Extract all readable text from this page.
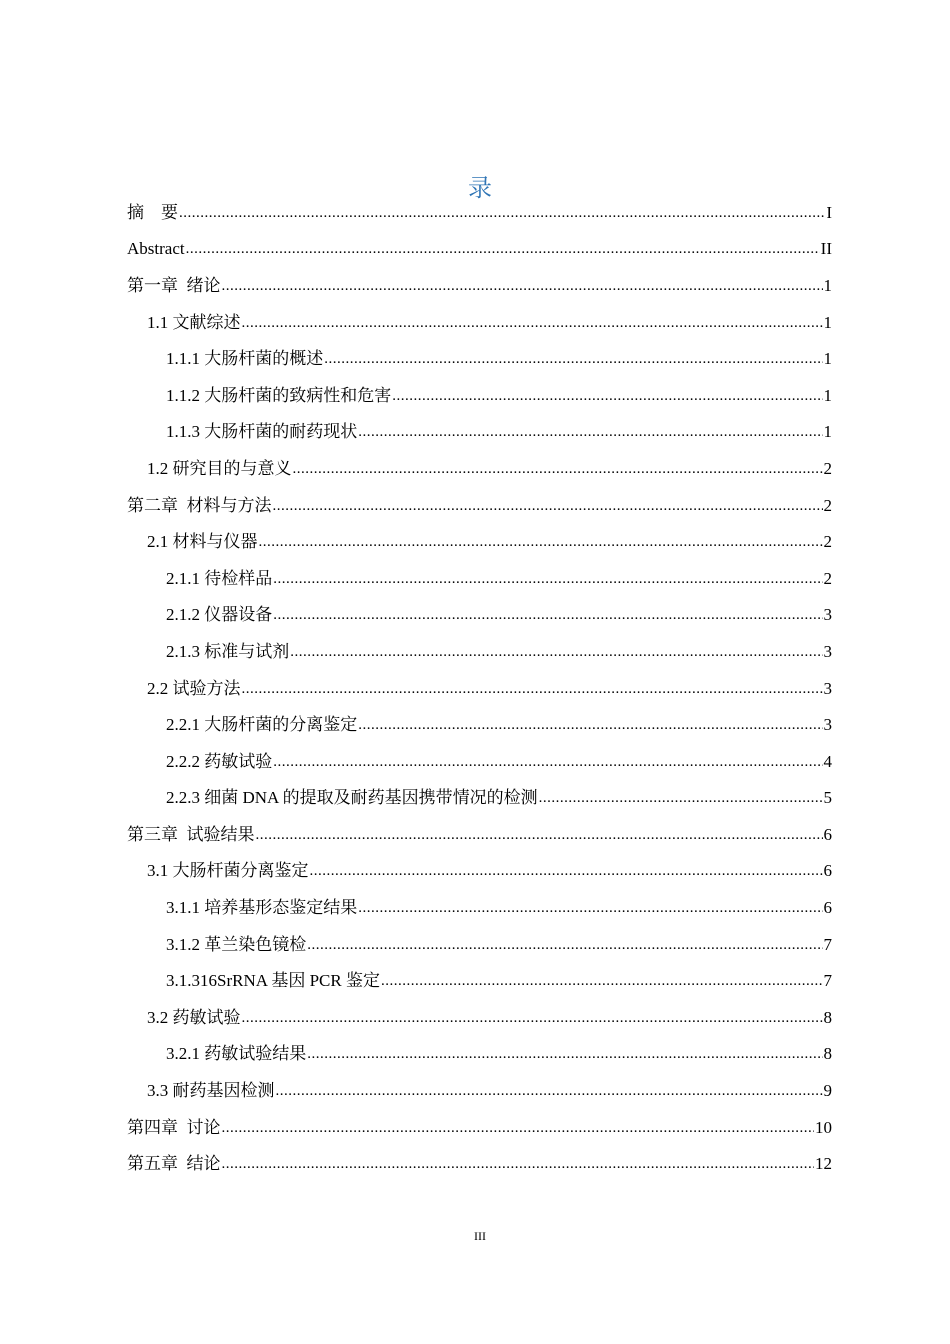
录
摘　要 .....	I
Abstract .....	II
第一章  绪论 .....	1
1.1 文献综述 .....	1
1.1.1 大肠杆菌的概述 .....	1
1.1.2 大肠杆菌的致病性和危害 .....	1
1.1.3 大肠杆菌的耐药现状 .....	1
1.2 研究目的与意义 .....	2
第二章  材料与方法 .....	2
2.1 材料与仪器 .....	2
2.1.1 待检样品 .....	2
2.1.2 仪器设备 .....	3
2.1.3 标准与试剂 .....	3
2.2 试验方法 .....	3
2.2.1 大肠杆菌的分离鉴定 .....	3
2.2.2 药敏试验 .....	4
2.2.3 细菌 DNA 的提取及耐药基因携带情况的检测 .....	5
第三章  试验结果 .....	6
3.1 大肠杆菌分离鉴定 .....	6
3.1.1 培养基形态鉴定结果 .....	6
3.1.2 革兰染色镜检 .....	7
3.1.316SrRNA 基因 PCR 鉴定 .....	7
3.2 药敏试验 .....	8
3.2.1 药敏试验结果 .....	8
3.3 耐药基因检测 .....	9
第四章  讨论 .....	10
第五章  结论 .....	12
III
